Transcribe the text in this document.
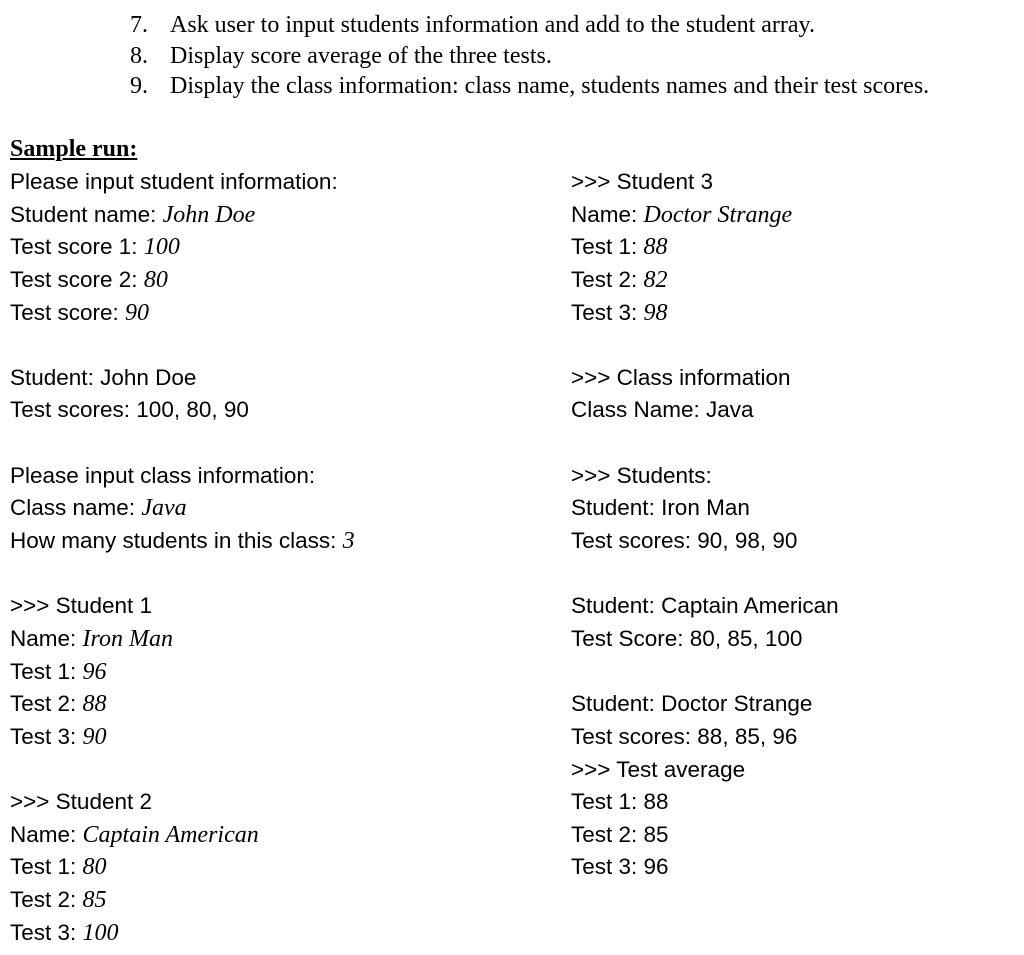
7. Ask user to input students information and add to the student array.
8. Display score average of the three tests.
9. Display the class information: class name, students names and their test scores.
Sample run:
Please input student information:
Student name: John Doe
Test score 1: 100
Test score 2: 80
Test score: 90
Student: John Doe
Test scores: 100, 80, 90
Please input class information:
Class name: Java
How many students in this class: 3
>>> Student 1
Name: Iron Man
Test 1: 96
Test 2: 88
Test 3: 90
>>> Student 2
Name: Captain American
Test 1: 80
Test 2: 85
Test 3: 100
>>> Student 3
Name: Doctor Strange
Test 1: 88
Test 2: 82
Test 3: 98
>>> Class information
Class Name: Java
>>> Students:
Student: Iron Man
Test scores: 90, 98, 90
Student: Captain American
Test Score: 80, 85, 100
Student: Doctor Strange
Test scores: 88, 85, 96
>>> Test average
Test 1: 88
Test 2: 85
Test 3: 96
